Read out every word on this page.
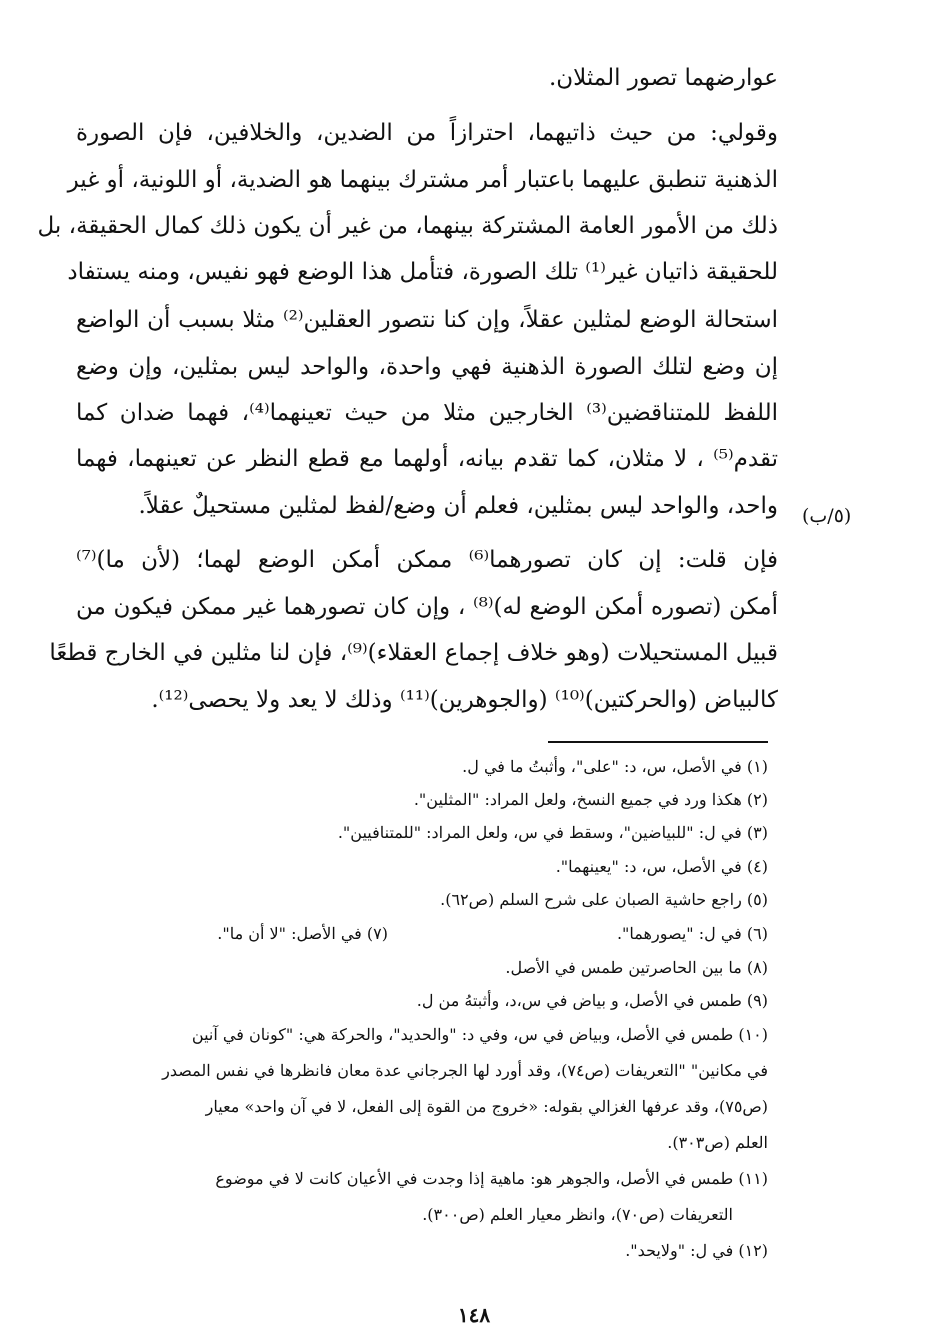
عوارضهما تصور المثلان.
وقولي: من حيث ذاتيهما، احترازاً من الضدين، والخلافين، فإن الصورة
الذهنية تنطبق عليهما باعتبار أمر مشترك بينهما هو الضدية، أو اللونية، أو غير
ذلك من الأمور العامة المشتركة بينهما، من غير أن يكون ذلك كمال الحقيقة، بل
للحقيقة ذاتيان غير⁽¹⁾ تلك الصورة، فتأمل هذا الوضع فهو نفيس، ومنه يستفاد
استحالة الوضع لمثلين عقلاً، وإن كنا نتصور العقلين⁽²⁾ مثلا بسبب أن الواضع
إن وضع لتلك الصورة الذهنية فهي واحدة، والواحد ليس بمثلين، وإن وضع
اللفظ للمتناقضين⁽³⁾ الخارجين مثلا من حيث تعينهما⁽⁴⁾، فهما ضدان كما
تقدم⁽⁵⁾ ، لا مثلان، كما تقدم بيانه، أولهما مع قطع النظر عن تعينهما، فهما
واحد، والواحد ليس بمثلين، فعلم أن وضع/لفظ لمثلين مستحيلٌ عقلاً.
فإن قلت: إن كان تصورهما⁽⁶⁾ ممكن أمكن الوضع لهما؛ (لأن ما)⁽⁷⁾
أمكن (تصوره أمكن الوضع له)⁽⁸⁾ ، وإن كان تصورهما غير ممكن فيكون من
قبيل المستحيلات (وهو خلاف إجماع العقلاء)⁽⁹⁾، فإن لنا مثلين في الخارج قطعًا
كالبياض (والحركتين)⁽¹⁰⁾ (والجوهرين)⁽¹¹⁾ وذلك لا يعد ولا يحصى⁽¹²⁾.
(٥/ب)
(١) في الأصل، س، د: "على"، وأثبتُ ما في ل.
(٢) هكذا ورد في جميع النسخ، ولعل المراد: "المثلين".
(٣) في ل: "للبياضين"، وسقط في س، ولعل المراد: "للمتنافيين".
(٤) في الأصل، س، د: "يعينهما".
(٥) راجع حاشية الصبان على شرح السلم (ص٦٢).
(٦) في ل: "يصورهما".
(٧) في الأصل: "لا أن ما".
(٨) ما بين الحاصرتين طمس في الأصل.
(٩) طمس في الأصل، و بياض في س،د، وأثبتهُ من ل.
(١٠) طمس في الأصل، وبياض في س، وفي د: "والحديد"، والحركة هي: "كونان في آنين
في مكانين" "التعريفات (ص٧٤)، وقد أورد لها الجرجاني عدة معان فانظرها في نفس المصدر
(ص٧٥)، وقد عرفها الغزالي بقوله: «خروج من القوة إلى الفعل، لا في آن واحد» معيار
العلم (ص٣٠٣).
(١١) طمس في الأصل، والجوهر هو: ماهية إذا وجدت في الأعيان كانت لا في موضوع
التعريفات (ص٧٠)، وانظر معيار العلم (ص٣٠٠).
(١٢) في ل: "ولايحد".
١٤٨
